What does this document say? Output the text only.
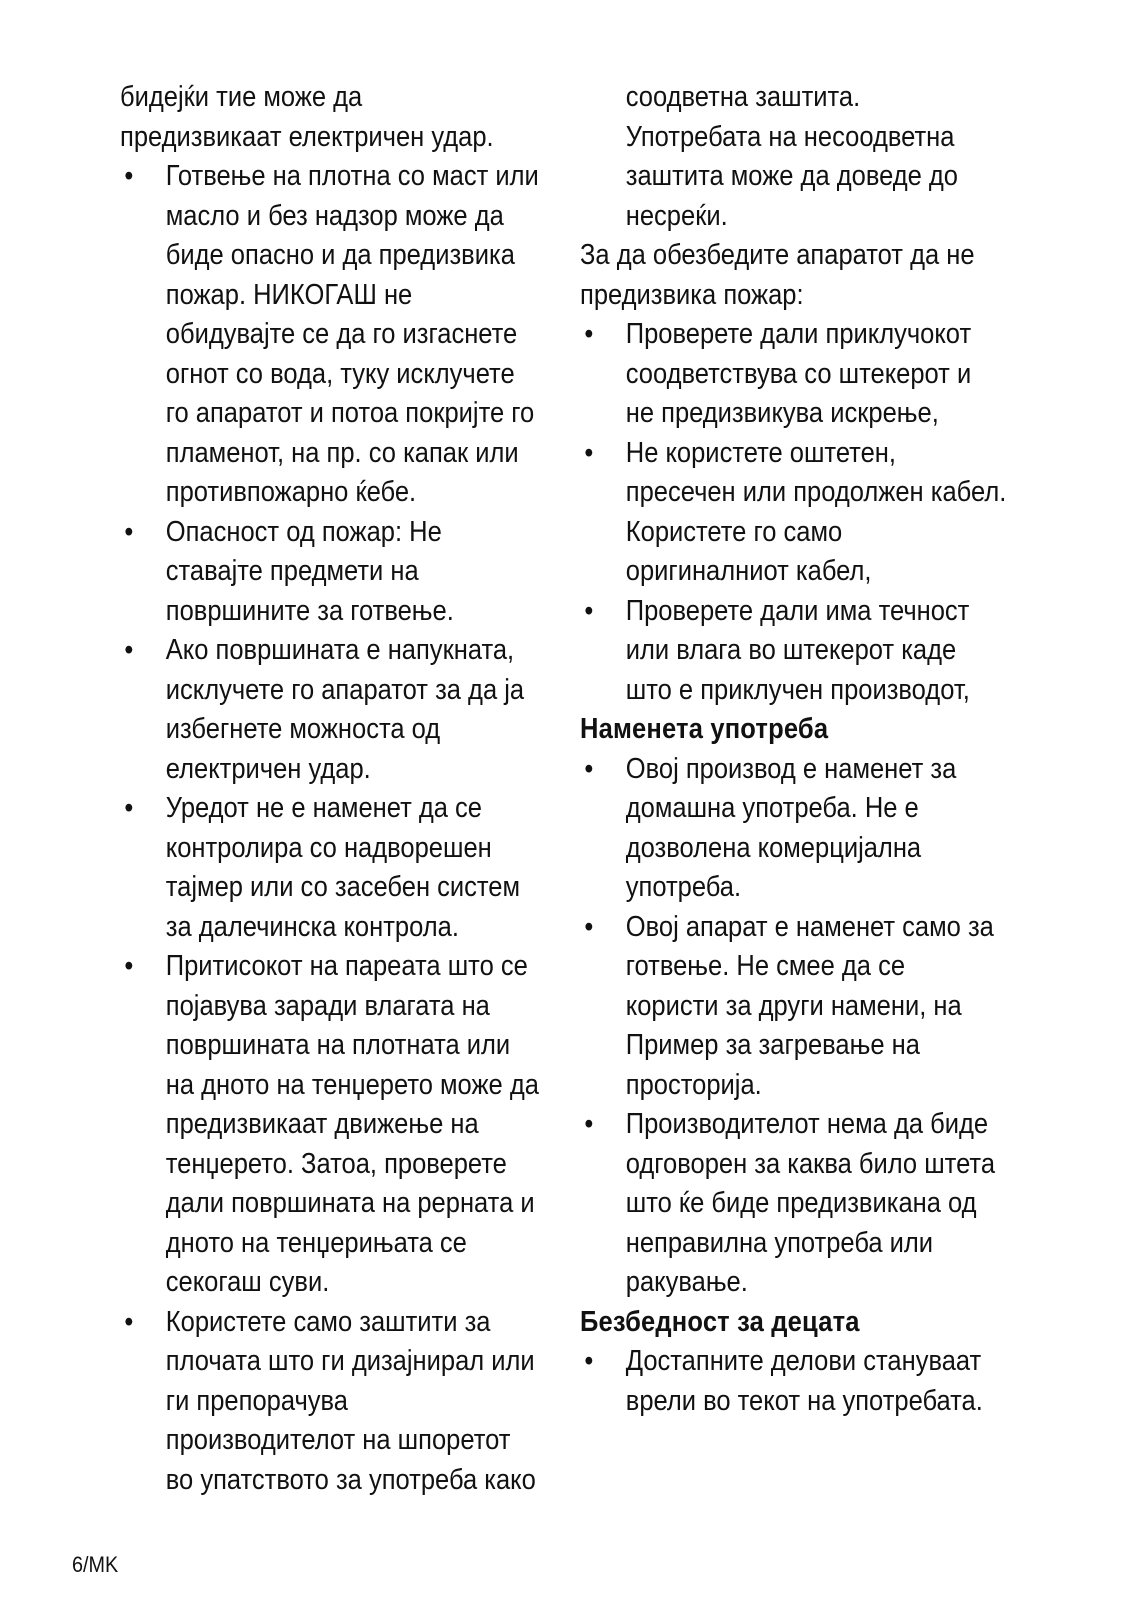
бидејќи тие може да
предизвикаат електричен удар.
• Готвење на плотна со маст или
масло и без надзор може да
биде опасно и да предизвика
пожар. НИКОГАШ не
обидувајте се да го изгаснете
огнот со вода, туку исклучете
го апаратот и потоа покријте го
пламенот, на пр. со капак или
противпожарно ќебе.
• Опасност од пожар: Не
ставајте предмети на
површините за готвење.
• Ако површината е напукната,
исклучете го апаратот за да ја
избегнете можноста од
електричен удар.
• Уредот не е наменет да се
контролира со надворешен
тајмер или со засебен систем
за далечинска контрола.
• Притисокот на пареата што се
појавува заради влагата на
површината на плотната или
на дното на тенџерето може да
предизвикаат движење на
тенџерето. Затоа, проверете
дали површината на рерната и
дното на тенџерињата се
секогаш суви.
• Користете само заштити за
плочата што ги дизајнирал или
ги препорачува
производителот на шпоретот
во упатството за употреба како
соодветна заштита.
Употребата на несоодветна
заштита може да доведе до
несреќи.
За да обезбедите апаратот да не
предизвика пожар:
• Проверете дали приклучокот
соодветствува со штекерот и
не предизвикува искрење,
• Не користете оштетен,
пресечен или продолжен кабел.
Користете го само
оригиналниот кабел,
• Проверете дали има течност
или влага во штекерот каде
што е приклучен производот,
Наменета употреба
• Овој производ е наменет за
домашна употреба. Не е
дозволена комерцијална
употреба.
• Овој апарат е наменет само за
готвење. Не смее да се
користи за други намени, на
Пример за загревање на
просторија.
• Производителот нема да биде
одговорен за каква било штета
што ќе биде предизвикана од
неправилна употреба или
ракување.
Безбедност за децата
• Достапните делови стануваат
врели во текот на употребата.
6/MK
